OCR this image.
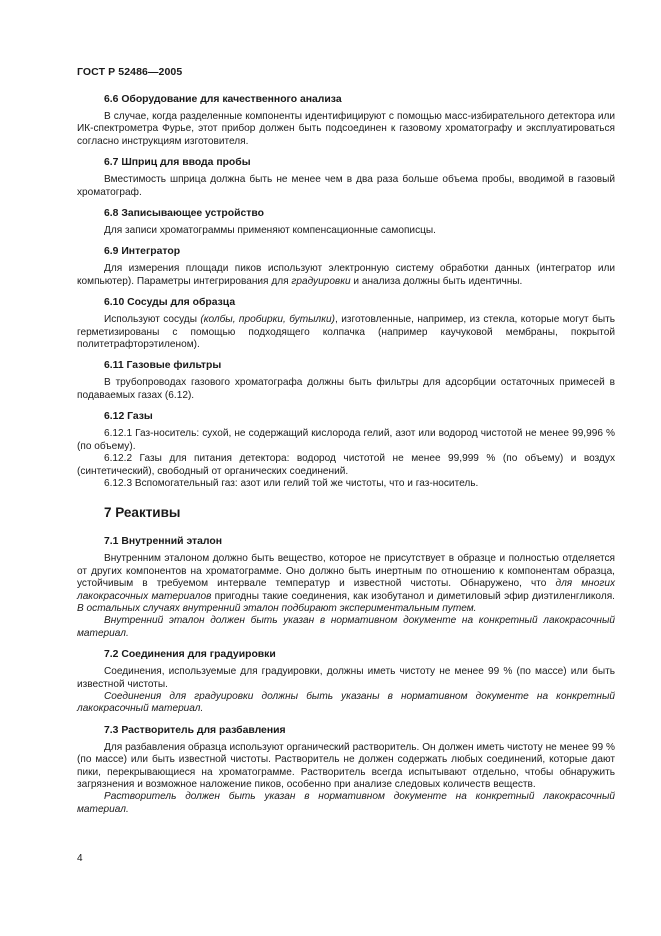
ГОСТ Р 52486—2005

6.6 Оборудование для качественного анализа

В случае, когда разделенные компоненты идентифицируют с помощью масс-избирательного детектора или ИК-спектрометра Фурье, этот прибор должен быть подсоединен к газовому хроматографу и эксплуатироваться согласно инструкциям изготовителя.

6.7 Шприц для ввода пробы

Вместимость шприца должна быть не менее чем в два раза больше объема пробы, вводимой в газовый хроматограф.

6.8 Записывающее устройство

Для записи хроматограммы применяют компенсационные самописцы.

6.9 Интегратор

Для измерения площади пиков используют электронную систему обработки данных (интегратор или компьютер). Параметры интегрирования для градуировки и анализа должны быть идентичны.

6.10 Сосуды для образца

Используют сосуды (колбы, пробирки, бутылки), изготовленные, например, из стекла, которые могут быть герметизированы с помощью подходящего колпачка (например каучуковой мембраны, покрытой политетрафторэтиленом).

6.11 Газовые фильтры

В трубопроводах газового хроматографа должны быть фильтры для адсорбции остаточных примесей в подаваемых газах (6.12).

6.12 Газы

6.12.1 Газ-носитель: сухой, не содержащий кислорода гелий, азот или водород чистотой не менее 99,996 % (по объему).

6.12.2 Газы для питания детектора: водород чистотой не менее 99,999 % (по объему) и воздух (синтетический), свободный от органических соединений.

6.12.3 Вспомогательный газ: азот или гелий той же чистоты, что и газ-носитель.

7 Реактивы

7.1 Внутренний эталон

Внутренним эталоном должно быть вещество, которое не присутствует в образце и полностью отделяется от других компонентов на хроматограмме. Оно должно быть инертным по отношению к компонентам образца, устойчивым в требуемом интервале температур и известной чистоты. Обнаружено, что для многих лакокрасочных материалов пригодны такие соединения, как изобутанол и диметиловый эфир диэтиленгликоля. В остальных случаях внутренний эталон подбирают экспериментальным путем.

Внутренний эталон должен быть указан в нормативном документе на конкретный лакокрасочный материал.

7.2 Соединения для градуировки

Соединения, используемые для градуировки, должны иметь чистоту не менее 99 % (по массе) или быть известной чистоты.

Соединения для градуировки должны быть указаны в нормативном документе на конкретный лакокрасочный материал.

7.3 Растворитель для разбавления

Для разбавления образца используют органический растворитель. Он должен иметь чистоту не менее 99 % (по массе) или быть известной чистоты. Растворитель не должен содержать любых соединений, которые дают пики, перекрывающиеся на хроматограмме. Растворитель всегда испытывают отдельно, чтобы обнаружить загрязнения и возможное наложение пиков, особенно при анализе следовых количеств веществ.

Растворитель должен быть указан в нормативном документе на конкретный лакокрасочный материал.

4
